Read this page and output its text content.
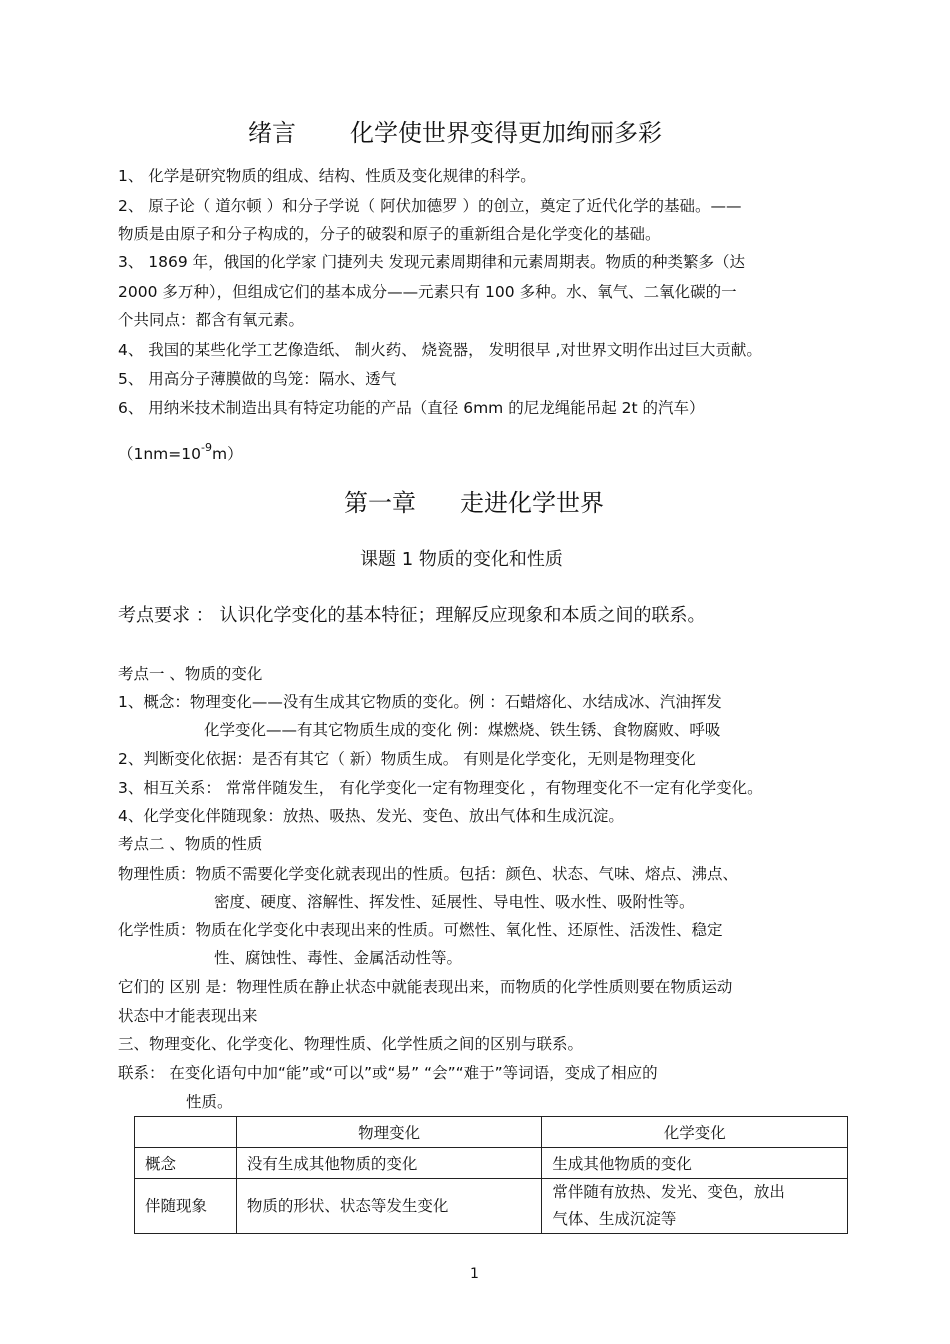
绪言 化学使世界变得更加绚丽多彩
1、 化学是研究物质的组成、结构、性质及变化规律的科学。
2、 原子论（ 道尔顿 ）和分子学说（ 阿伏加德罗 ）的创立，奠定了近代化学的基础。——
物质是由原子和分子构成的，分子的破裂和原子的重新组合是化学变化的基础。
3、 1869 年，俄国的化学家 门捷列夫 发现元素周期律和元素周期表。物质的种类繁多（达
2000 多万种），但组成它们的基本成分——元素只有 100 多种。水、氧气、二氧化碳的一
个共同点：都含有氧元素。
4、 我国的某些化学工艺像造纸、 制火药、 烧瓷器， 发明很早 ,对世界文明作出过巨大贡献。
5、 用高分子薄膜做的鸟笼：隔水、透气
6、 用纳米技术制造出具有特定功能的产品（直径 6mm 的尼龙绳能吊起 2t 的汽车）
$(1nm=10^{-9}m)$
第一章 走进化学世界
课题 1 物质的变化和性质
考点要求 ： 认识化学变化的基本特征；理解反应现象和本质之间的联系。
考点一 、物质的变化
1、概念：物理变化——没有生成其它物质的变化。例 ：石蜡熔化、水结成冰、汽油挥发
化学变化——有其它物质生成的变化 例：煤燃烧、铁生锈、食物腐败、呼吸
2、判断变化依据：是否有其它（ 新）物质生成。 有则是化学变化，无则是物理变化
3、相互关系： 常常伴随发生， 有化学变化一定有物理变化 ，有物理变化不一定有化学变化。
4、化学变化伴随现象：放热、吸热、发光、变色、放出气体和生成沉淀。
考点二 、物质的性质
物理性质：物质不需要化学变化就表现出的性质。包括：颜色、状态、气味、熔点、沸点、
密度、硬度、溶解性、挥发性、延展性、导电性、吸水性、吸附性等。
化学性质：物质在化学变化中表现出来的性质。可燃性、氧化性、还原性、活泼性、稳定
性、腐蚀性、毒性、金属活动性等。
它们的 区别 是：物理性质在静止状态中就能表现出来，而物质的化学性质则要在物质运动
状态中才能表现出来
三、物理变化、化学变化、物理性质、化学性质之间的区别与联系。
联系： 在变化语句中加“能”或“可以”或“易” “会”“难于”等词语，变成了相应的
性质。
	物理变化	化学变化
概念	没有生成其他物质的变化	生成其他物质的变化
伴随现象	物质的形状、状态等发生变化	常伴随有放热、发光、变色，放出
气体、生成沉淀等
1
